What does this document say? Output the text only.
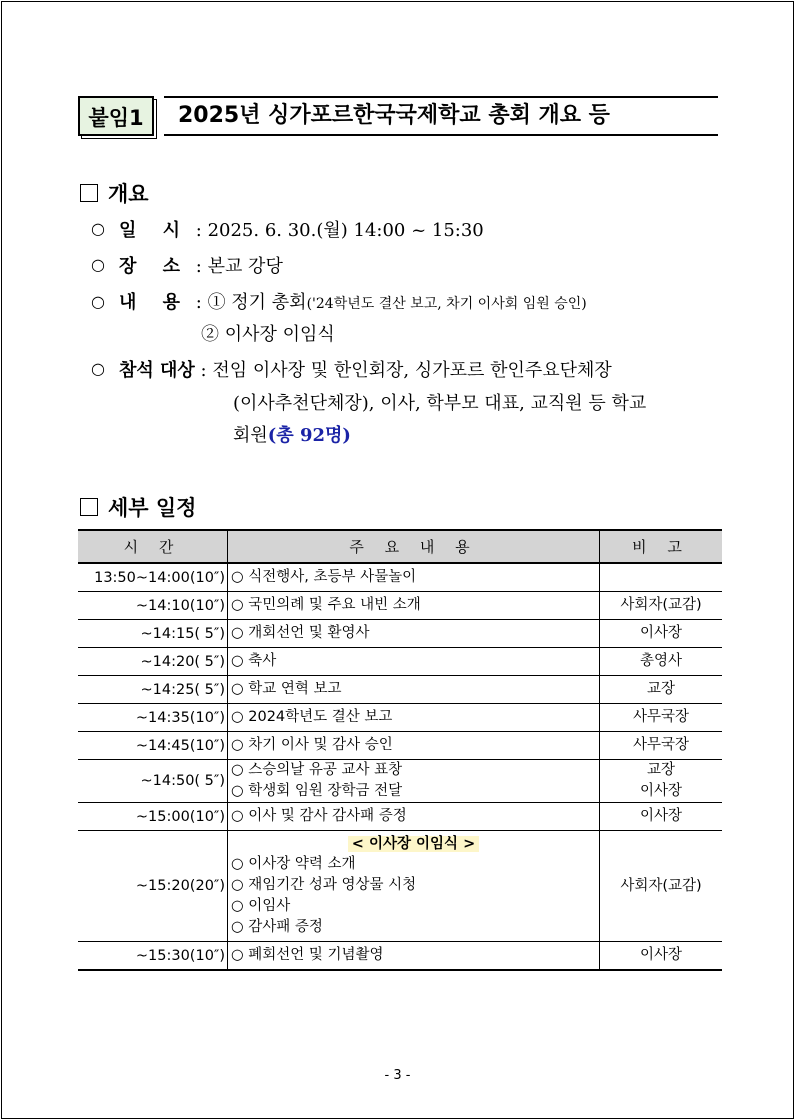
붙임1	2025년 싱가포르한국국제학교 총회 개요 등
개요
○ 일 시 : 2025. 6. 30.(월) 14:00 ~ 15:30
○ 장 소 : 본교 강당
○ 내 용 : ① 정기 총회('24학년도 결산 보고, 차기 이사회 임원 승인)
② 이사장 이임식
○ 참석 대상 : 전임 이사장 및 한인회장, 싱가포르 한인주요단체장
(이사추천단체장), 이사, 학부모 대표, 교직원 등 학교
회원(총 92명)
세부 일정
시 간	주 요 내 용	비 고
13:50~14:00(10″)	○ 식전행사, 초등부 사물놀이	

~14:10(10″)	○ 국민의례 및 주요 내빈 소개	사회자(교감)

~14:15( 5″)	○ 개회선언 및 환영사	이사장

~14:20( 5″)	○ 축사	총영사

~14:25( 5″)	○ 학교 연혁 보고	교장

~14:35(10″)	○ 2024학년도 결산 보고	사무국장

~14:45(10″)	○ 차기 이사 및 감사 승인	사무국장

~14:50( 5″)	○ 스승의날 유공 교사 표창
○ 학생회 임원 장학금 전달	교장
이사장

~15:00(10″)	○ 이사 및 감사 감사패 증정	이사장

~15:20(20″)	< 이사장 이임식 >
○ 이사장 약력 소개
○ 재임기간 성과 영상물 시청
○ 이임사
○ 감사패 증정	사회자(교감)

~15:30(10″)	○ 폐회선언 및 기념촬영	이사장
- 3 -
